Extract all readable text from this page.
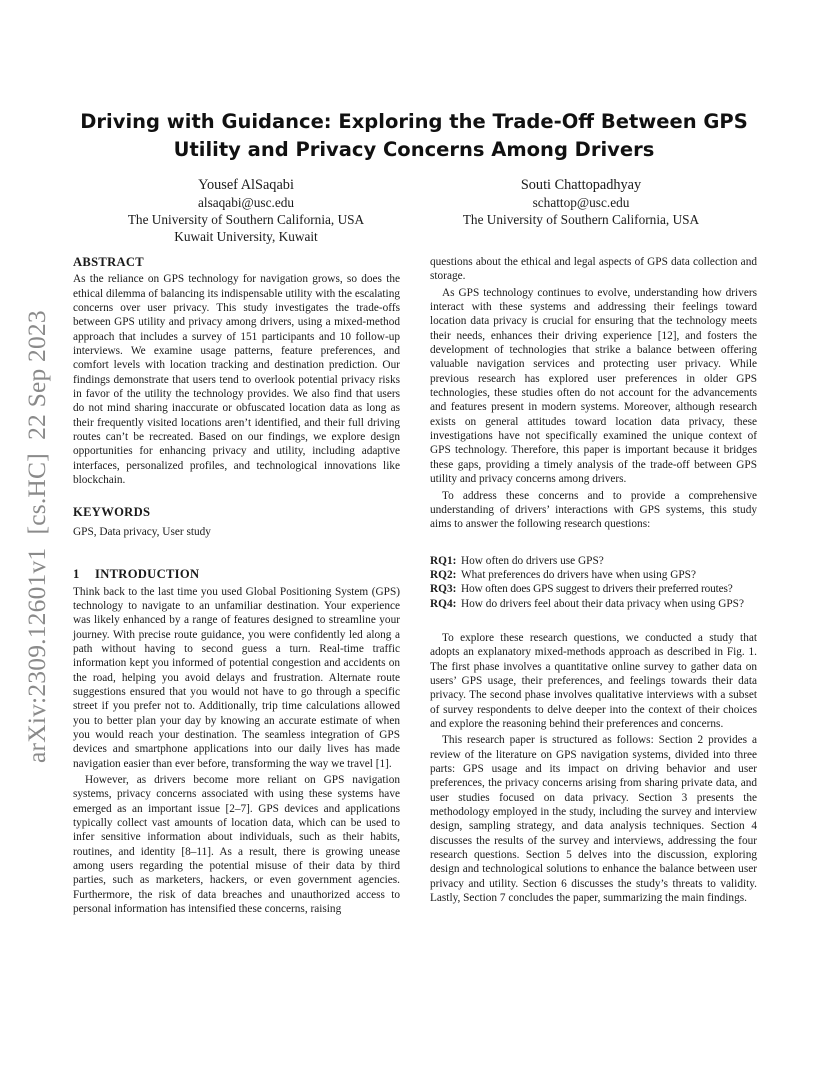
arXiv:2309.12601v1  [cs.HC]  22 Sep 2023
Driving with Guidance: Exploring the Trade-Off Between GPS
Utility and Privacy Concerns Among Drivers
Yousef AlSaqabi
alsaqabi@usc.edu
The University of Southern California, USA
Kuwait University, Kuwait
Souti Chattopadhyay
schattop@usc.edu
The University of Southern California, USA
ABSTRACT

As the reliance on GPS technology for navigation grows, so does the ethical dilemma of balancing its indispensable utility with the escalating concerns over user privacy. This study investigates the trade-offs between GPS utility and privacy among drivers, using a mixed-method approach that includes a survey of 151 participants and 10 follow-up interviews. We examine usage patterns, feature preferences, and comfort levels with location tracking and destination prediction. Our findings demonstrate that users tend to overlook potential privacy risks in favor of the utility the technology provides. We also find that users do not mind sharing inaccurate or obfuscated location data as long as their frequently visited locations aren’t identified, and their full driving routes can’t be recreated. Based on our findings, we explore design opportunities for enhancing privacy and utility, including adaptive interfaces, personalized profiles, and technological innovations like blockchain.

KEYWORDS

GPS, Data privacy, User study

1 INTRODUCTION

Think back to the last time you used Global Positioning System (GPS) technology to navigate to an unfamiliar destination. Your experience was likely enhanced by a range of features designed to streamline your journey. With precise route guidance, you were confidently led along a path without having to second guess a turn. Real-time traffic information kept you informed of potential congestion and accidents on the road, helping you avoid delays and frustration. Alternate route suggestions ensured that you would not have to go through a specific street if you prefer not to. Additionally, trip time calculations allowed you to better plan your day by knowing an accurate estimate of when you would reach your destination. The seamless integration of GPS devices and smartphone applications into our daily lives has made navigation easier than ever before, transforming the way we travel [1].

However, as drivers become more reliant on GPS navigation systems, privacy concerns associated with using these systems have emerged as an important issue [2–7]. GPS devices and applications typically collect vast amounts of location data, which can be used to infer sensitive information about individuals, such as their habits, routines, and identity [8–11]. As a result, there is growing unease among users regarding the potential misuse of their data by third parties, such as marketers, hackers, or even government agencies. Furthermore, the risk of data breaches and unauthorized access to personal information has intensified these concerns, raising

questions about the ethical and legal aspects of GPS data collection and storage.

As GPS technology continues to evolve, understanding how drivers interact with these systems and addressing their feelings toward location data privacy is crucial for ensuring that the technology meets their needs, enhances their driving experience [12], and fosters the development of technologies that strike a balance between offering valuable navigation services and protecting user privacy. While previous research has explored user preferences in older GPS technologies, these studies often do not account for the advancements and features present in modern systems. Moreover, although research exists on general attitudes toward location data privacy, these investigations have not specifically examined the unique context of GPS technology. Therefore, this paper is important because it bridges these gaps, providing a timely analysis of the trade-off between GPS utility and privacy concerns among drivers.

To address these concerns and to provide a comprehensive understanding of drivers’ interactions with GPS systems, this study aims to answer the following research questions:

RQ1: How often do drivers use GPS?
RQ2: What preferences do drivers have when using GPS?
RQ3: How often does GPS suggest to drivers their preferred routes?
RQ4: How do drivers feel about their data privacy when using GPS?

To explore these research questions, we conducted a study that adopts an explanatory mixed-methods approach as described in Fig. 1. The first phase involves a quantitative online survey to gather data on users’ GPS usage, their preferences, and feelings towards their data privacy. The second phase involves qualitative interviews with a subset of survey respondents to delve deeper into the context of their choices and explore the reasoning behind their preferences and concerns.

This research paper is structured as follows: Section 2 provides a review of the literature on GPS navigation systems, divided into three parts: GPS usage and its impact on driving behavior and user preferences, the privacy concerns arising from sharing private data, and user studies focused on data privacy. Section 3 presents the methodology employed in the study, including the survey and interview design, sampling strategy, and data analysis techniques. Section 4 discusses the results of the survey and interviews, addressing the four research questions. Section 5 delves into the discussion, exploring design and technological solutions to enhance the balance between user privacy and utility. Section 6 discusses the study’s threats to validity. Lastly, Section 7 concludes the paper, summarizing the main findings.
